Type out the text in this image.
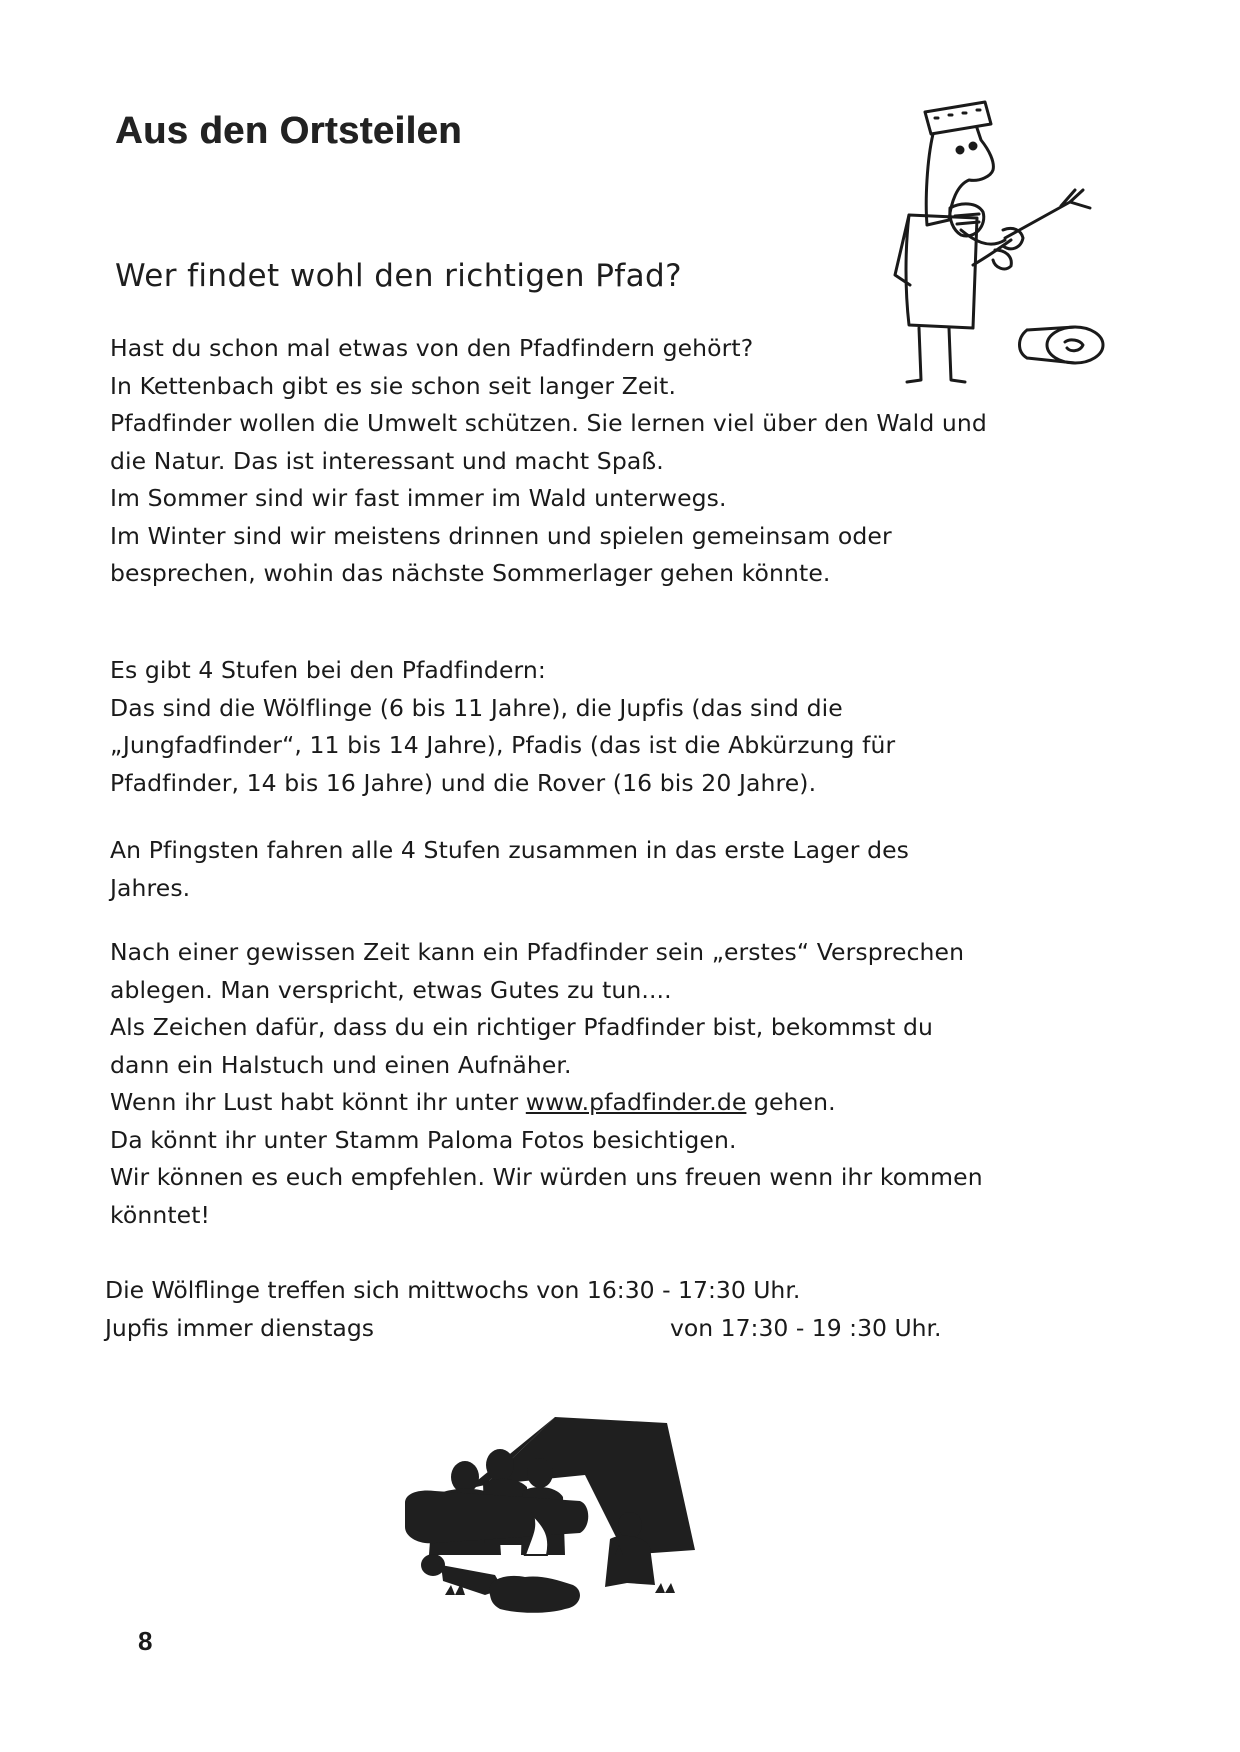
Aus den Ortsteilen
Wer findet wohl den richtigen Pfad?
Hast du schon mal etwas von den Pfadfindern gehört?
In Kettenbach gibt es sie schon seit langer Zeit.
Pfadfinder wollen die Umwelt schützen. Sie lernen viel über den Wald und
die Natur. Das ist interessant und macht Spaß.
Im Sommer sind wir fast immer im Wald unterwegs.
Im Winter sind wir meistens drinnen und spielen gemeinsam oder
besprechen, wohin das nächste Sommerlager gehen könnte.
Es gibt 4 Stufen bei den Pfadfindern:
Das sind die Wölflinge (6 bis 11 Jahre), die Jupfis (das sind die
„Jungfadfinder“, 11 bis 14 Jahre), Pfadis (das ist die Abkürzung für
Pfadfinder, 14 bis 16 Jahre) und die Rover (16 bis 20 Jahre).
An Pfingsten fahren alle 4 Stufen zusammen in das erste Lager des
Jahres.
Nach einer gewissen Zeit kann ein Pfadfinder sein „erstes“ Versprechen
ablegen. Man verspricht, etwas Gutes zu tun....
Als Zeichen dafür, dass du ein richtiger Pfadfinder bist, bekommst du
dann ein Halstuch und einen Aufnäher.
Wenn ihr Lust habt könnt ihr unter www.pfadfinder.de gehen.
Da könnt ihr unter Stamm Paloma Fotos besichtigen.
Wir können es euch empfehlen. Wir würden uns freuen wenn ihr kommen
könntet!
Die Wölflinge treffen sich mittwochs von 16:30 - 17:30 Uhr.
Jupfis immer dienstags	von 17:30 - 19 :30 Uhr.
8
